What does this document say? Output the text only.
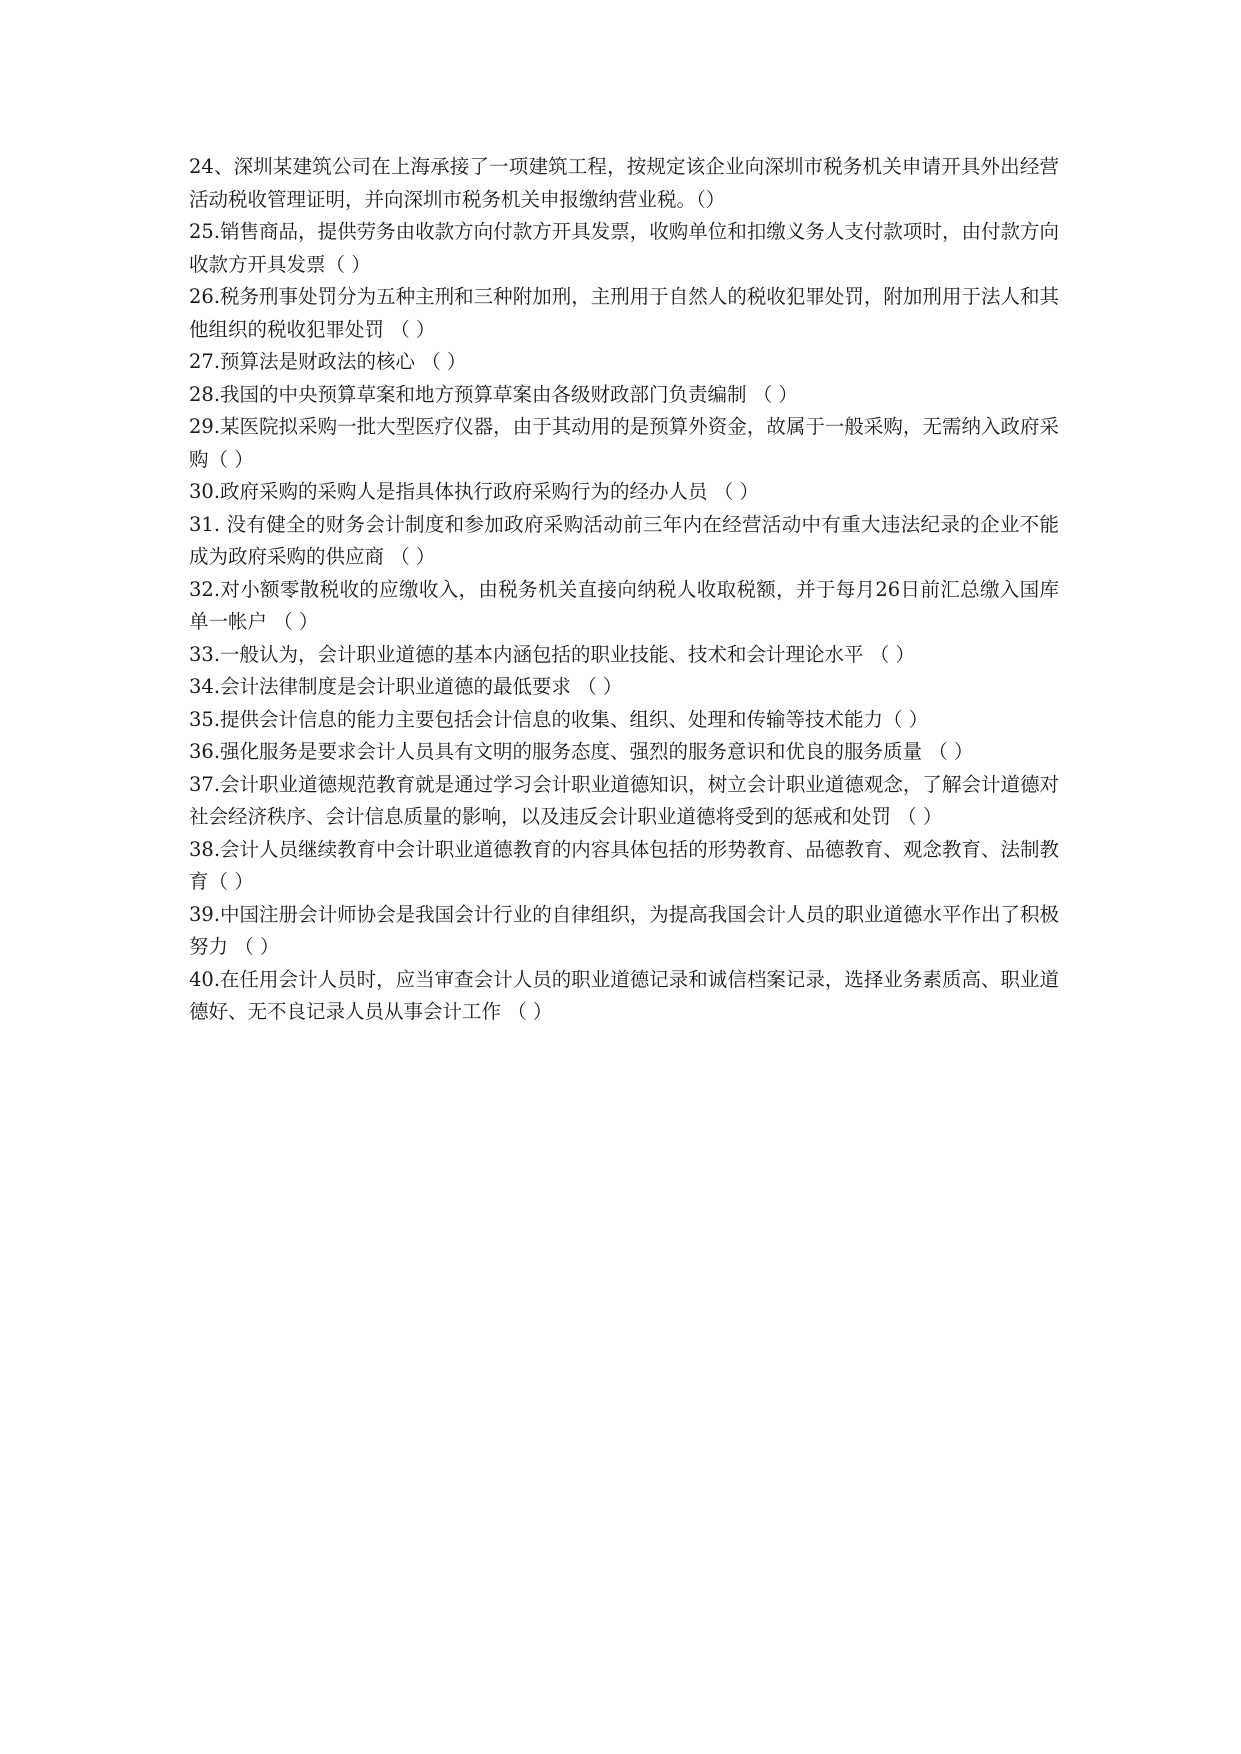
24、深圳某建筑公司在上海承接了一项建筑工程，按规定该企业向深圳市税务机关申请开具外出经营活动税收管理证明，并向深圳市税务机关申报缴纳营业税。（）

25.销售商品，提供劳务由收款方向付款方开具发票，收购单位和扣缴义务人支付款项时，由付款方向收款方开具发票（ ）

26.税务刑事处罚分为五种主刑和三种附加刑，主刑用于自然人的税收犯罪处罚，附加刑用于法人和其他组织的税收犯罪处罚 （ ）

27.预算法是财政法的核心 （ ）

28.我国的中央预算草案和地方预算草案由各级财政部门负责编制 （ ）

29.某医院拟采购一批大型医疗仪器，由于其动用的是预算外资金，故属于一般采购，无需纳入政府采购（ ）

30.政府采购的采购人是指具体执行政府采购行为的经办人员 （ ）

31. 没有健全的财务会计制度和参加政府采购活动前三年内在经营活动中有重大违法纪录的企业不能成为政府采购的供应商 （ ）

32.对小额零散税收的应缴收入，由税务机关直接向纳税人收取税额，并于每月26日前汇总缴入国库单一帐户 （ ）

33.一般认为，会计职业道德的基本内涵包括的职业技能、技术和会计理论水平 （ ）

34.会计法律制度是会计职业道德的最低要求 （ ）

35.提供会计信息的能力主要包括会计信息的收集、组织、处理和传输等技术能力（ ）

36.强化服务是要求会计人员具有文明的服务态度、强烈的服务意识和优良的服务质量 （ ）

37.会计职业道德规范教育就是通过学习会计职业道德知识，树立会计职业道德观念，了解会计道德对社会经济秩序、会计信息质量的影响，以及违反会计职业道德将受到的惩戒和处罚 （ ）

38.会计人员继续教育中会计职业道德教育的内容具体包括的形势教育、品德教育、观念教育、法制教育（ ）

39.中国注册会计师协会是我国会计行业的自律组织，为提高我国会计人员的职业道德水平作出了积极努力 （ ）

40.在任用会计人员时，应当审查会计人员的职业道德记录和诚信档案记录，选择业务素质高、职业道德好、无不良记录人员从事会计工作 （ ）
